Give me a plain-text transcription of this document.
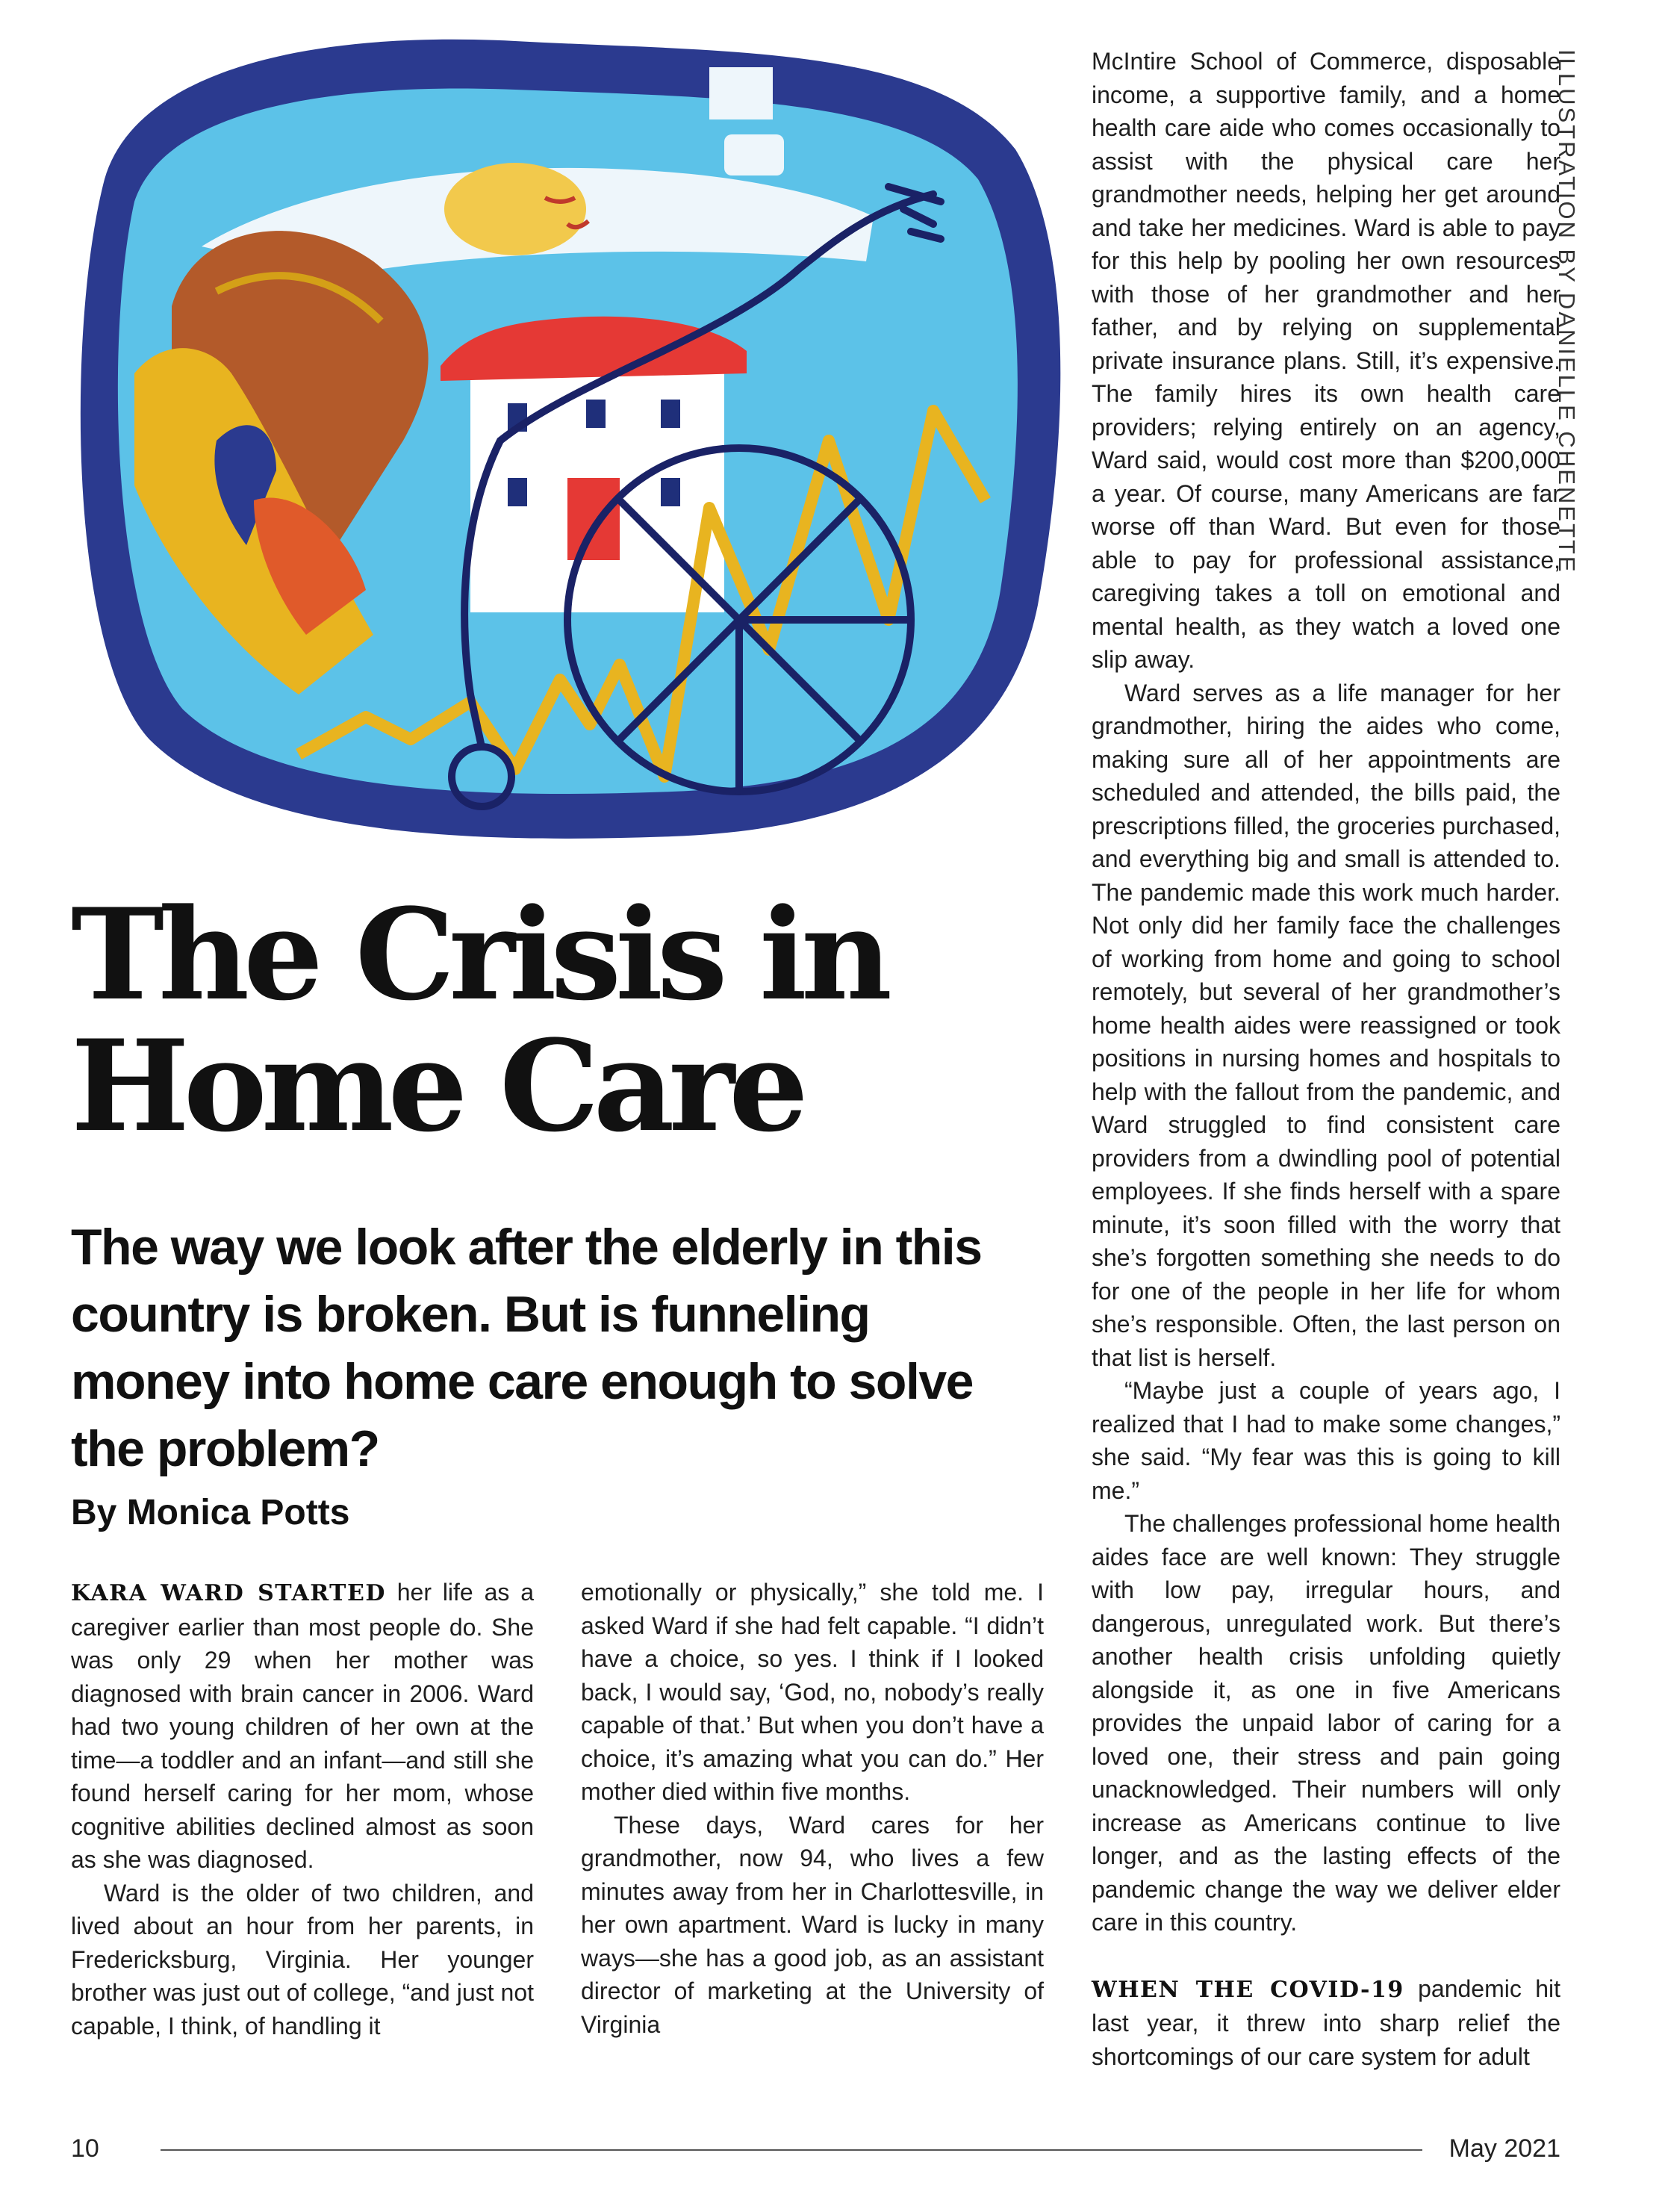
ILLUSTRATION BY DANIELLE CHENETTE
The Crisis in Home Care
The way we look after the elderly in this country is broken. But is funneling money into home care enough to solve the problem?
By Monica Potts

KARA WARD STARTED her life as a caregiver earlier than most people do. She was only 29 when her mother was diagnosed with brain cancer in 2006. Ward had two young children of her own at the time—a toddler and an infant—and still she found herself caring for her mom, whose cognitive abilities declined almost as soon as she was diagnosed.

Ward is the older of two children, and lived about an hour from her parents, in Fredericksburg, Virginia. Her younger brother was just out of college, “and just not capable, I think, of handling it

emotionally or physically,” she told me. I asked Ward if she had felt capable. “I didn’t have a choice, so yes. I think if I looked back, I would say, ‘God, no, nobody’s really capable of that.’ But when you don’t have a choice, it’s amazing what you can do.” Her mother died within five months.

These days, Ward cares for her grandmother, now 94, who lives a few minutes away from her in Charlottesville, in her own apartment. Ward is lucky in many ways—she has a good job, as an assistant director of marketing at the University of Virginia

McIntire School of Commerce, disposable income, a supportive family, and a home health care aide who comes occasionally to assist with the physical care her grandmother needs, helping her get around and take her medicines. Ward is able to pay for this help by pooling her own resources with those of her grandmother and her father, and by relying on supplemental private insurance plans. Still, it’s expensive. The family hires its own health care providers; relying entirely on an agency, Ward said, would cost more than $200,000 a year. Of course, many Americans are far worse off than Ward. But even for those able to pay for professional assistance, caregiving takes a toll on emotional and mental health, as they watch a loved one slip away.

Ward serves as a life manager for her grandmother, hiring the aides who come, making sure all of her appointments are scheduled and attended, the bills paid, the prescriptions filled, the groceries purchased, and everything big and small is attended to. The pandemic made this work much harder. Not only did her family face the challenges of working from home and going to school remotely, but several of her grandmother’s home health aides were reassigned or took positions in nursing homes and hospitals to help with the fallout from the pandemic, and Ward struggled to find consistent care providers from a dwindling pool of potential employees. If she finds herself with a spare minute, it’s soon filled with the worry that she’s forgotten something she needs to do for one of the people in her life for whom she’s responsible. Often, the last person on that list is herself.

“Maybe just a couple of years ago, I realized that I had to make some changes,” she said. “My fear was this is going to kill me.”

The challenges professional home health aides face are well known: They struggle with low pay, irregular hours, and dangerous, unregulated work. But there’s another health crisis unfolding quietly alongside it, as one in five Americans provides the unpaid labor of caring for a loved one, their stress and pain going unacknowledged. Their numbers will only increase as Americans continue to live longer, and as the lasting effects of the pandemic change the way we deliver elder care in this country.

WHEN THE COVID-19 pandemic hit last year, it threw into sharp relief the shortcomings of our care system for adult

10	May 2021
